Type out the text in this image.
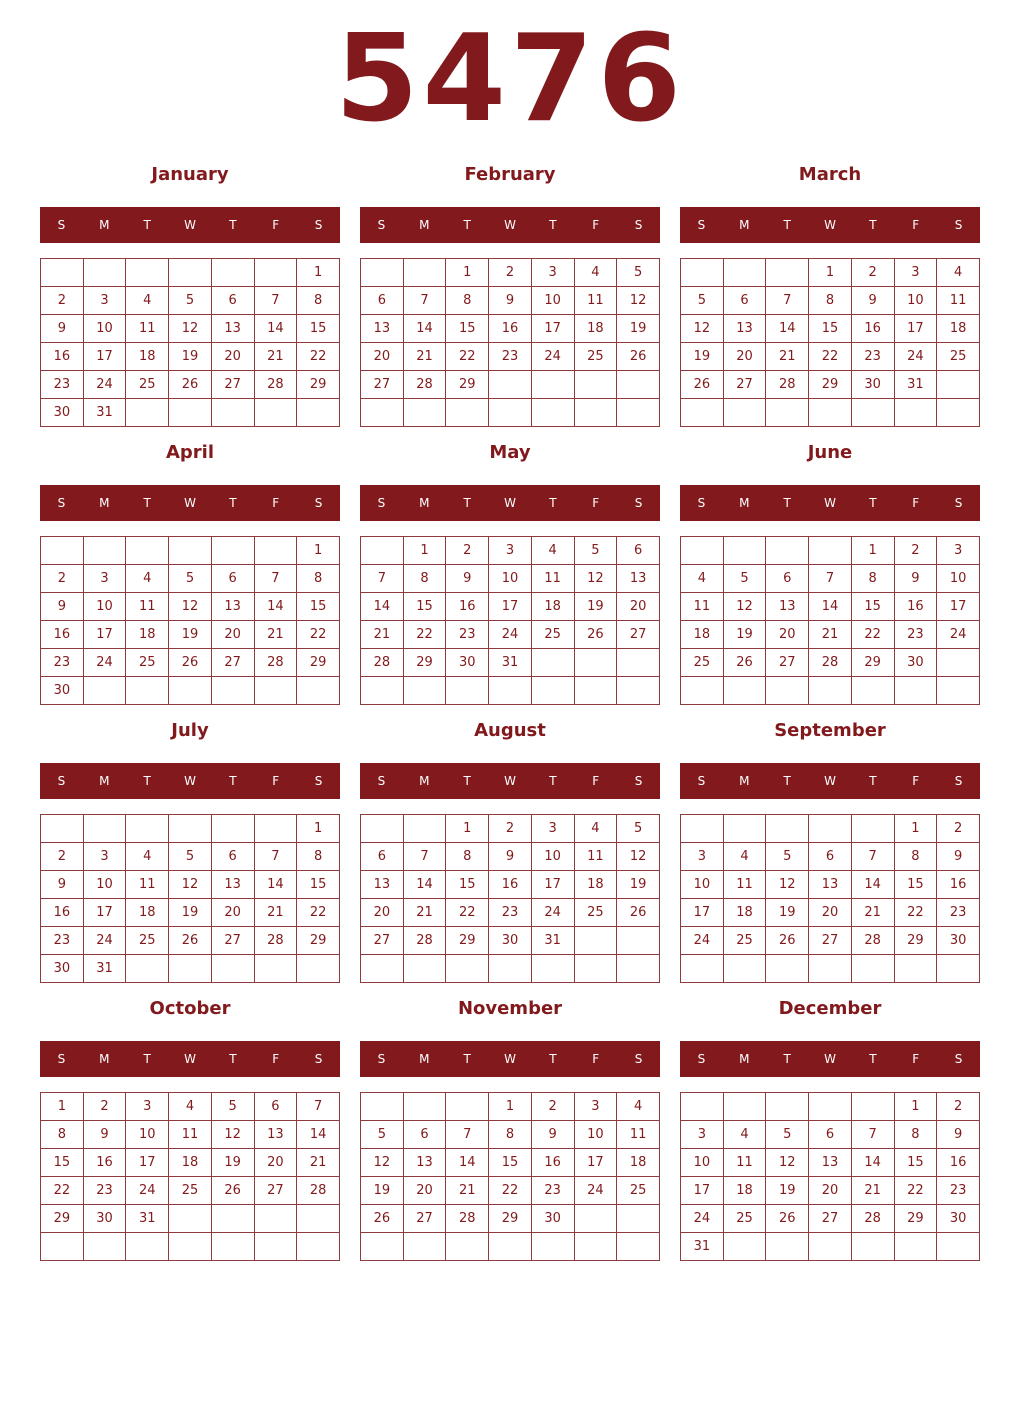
5476
January
S	M	T	W	T	F	S
						1
2	3	4	5	6	7	8
9	10	11	12	13	14	15
16	17	18	19	20	21	22
23	24	25	26	27	28	29
30	31					
February
S	M	T	W	T	F	S
		1	2	3	4	5
6	7	8	9	10	11	12
13	14	15	16	17	18	19
20	21	22	23	24	25	26
27	28	29				

March
S	M	T	W	T	F	S
			1	2	3	4
5	6	7	8	9	10	11
12	13	14	15	16	17	18
19	20	21	22	23	24	25
26	27	28	29	30	31	

April
S	M	T	W	T	F	S
						1
2	3	4	5	6	7	8
9	10	11	12	13	14	15
16	17	18	19	20	21	22
23	24	25	26	27	28	29
30						
May
S	M	T	W	T	F	S
	1	2	3	4	5	6
7	8	9	10	11	12	13
14	15	16	17	18	19	20
21	22	23	24	25	26	27
28	29	30	31			

June
S	M	T	W	T	F	S
				1	2	3
4	5	6	7	8	9	10
11	12	13	14	15	16	17
18	19	20	21	22	23	24
25	26	27	28	29	30	

July
S	M	T	W	T	F	S
						1
2	3	4	5	6	7	8
9	10	11	12	13	14	15
16	17	18	19	20	21	22
23	24	25	26	27	28	29
30	31					
August
S	M	T	W	T	F	S
		1	2	3	4	5
6	7	8	9	10	11	12
13	14	15	16	17	18	19
20	21	22	23	24	25	26
27	28	29	30	31		

September
S	M	T	W	T	F	S
					1	2
3	4	5	6	7	8	9
10	11	12	13	14	15	16
17	18	19	20	21	22	23
24	25	26	27	28	29	30

October
S	M	T	W	T	F	S
1	2	3	4	5	6	7
8	9	10	11	12	13	14
15	16	17	18	19	20	21
22	23	24	25	26	27	28
29	30	31				

November
S	M	T	W	T	F	S
			1	2	3	4
5	6	7	8	9	10	11
12	13	14	15	16	17	18
19	20	21	22	23	24	25
26	27	28	29	30		

December
S	M	T	W	T	F	S
					1	2
3	4	5	6	7	8	9
10	11	12	13	14	15	16
17	18	19	20	21	22	23
24	25	26	27	28	29	30
31						
